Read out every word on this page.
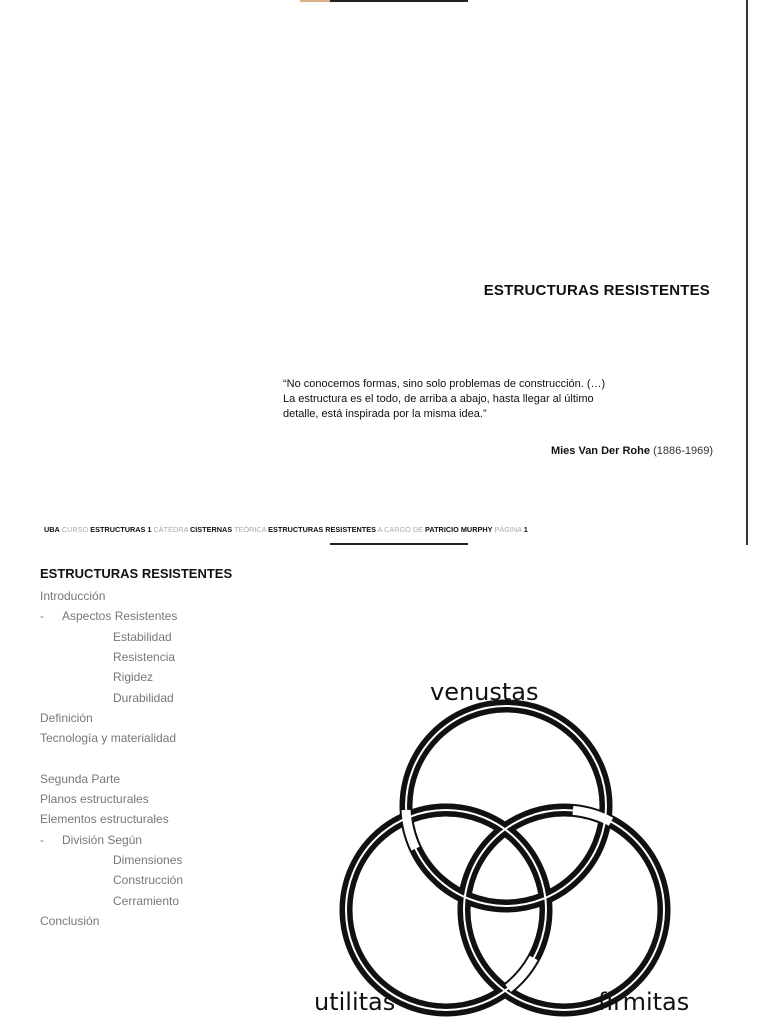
ESTRUCTURAS RESISTENTES

“No conocemos formas, sino solo problemas de construcción. (…)

La estructura es el todo, de arriba a abajo, hasta llegar al último

detalle, está inspirada por la misma idea.”

Mies Van Der Rohe (1886-1969)
UBA CURSO ESTRUCTURAS 1 CÁTEDRA CISTERNAS TEÓRICA ESTRUCTURAS RESISTENTES A CARGO DE PATRICIO MURPHY PÁGINA 1
ESTRUCTURAS RESISTENTES
Introducción
- Aspectos Resistentes
Estabilidad
Resistencia
Rigidez
Durabilidad
Definición
Tecnología y materialidad
Segunda Parte
Planos estructurales
Elementos estructurales
- División Según
Dimensiones
Construcción
Cerramiento
Conclusión
venustas
utilitas	firmitas
